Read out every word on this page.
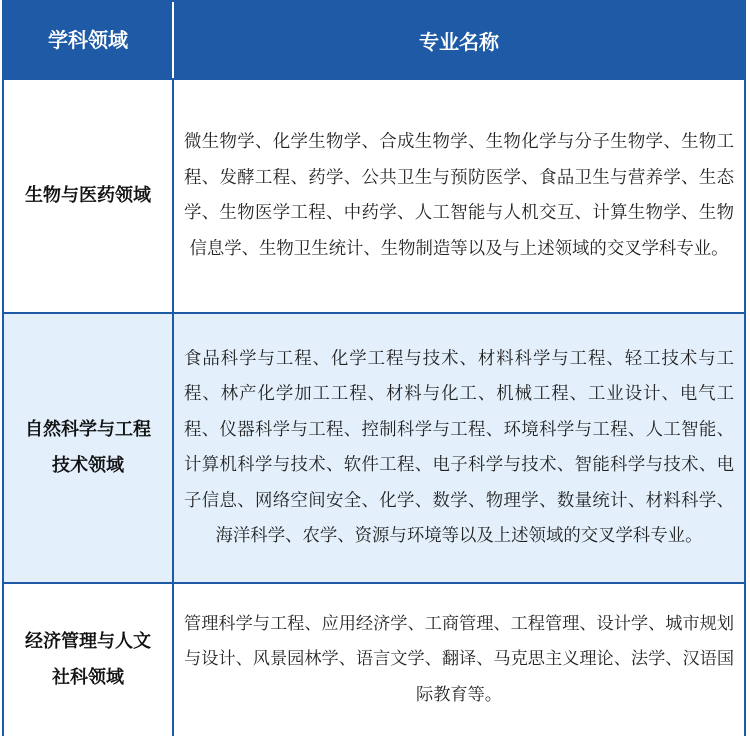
学科领域	专业名称
生物与医药领域
微生物学、化学生物学、合成生物学、生物化学与分子生物学、生物工程、发酵工程、药学、公共卫生与预防医学、食品卫生与营养学、生态学、生物医学工程、中药学、人工智能与人机交互、计算生物学、生物信息学、生物卫生统计、生物制造等以及与上述领域的交叉学科专业。
自然科学与工程技术领域
食品科学与工程、化学工程与技术、材料科学与工程、轻工技术与工程、林产化学加工工程、材料与化工、机械工程、工业设计、电气工程、仪器科学与工程、控制科学与工程、环境科学与工程、人工智能、计算机科学与技术、软件工程、电子科学与技术、智能科学与技术、电子信息、网络空间安全、化学、数学、物理学、数量统计、材料科学、海洋科学、农学、资源与环境等以及上述领域的交叉学科专业。
经济管理与人文社科领域
管理科学与工程、应用经济学、工商管理、工程管理、设计学、城市规划与设计、风景园林学、语言文学、翻译、马克思主义理论、法学、汉语国际教育等。
